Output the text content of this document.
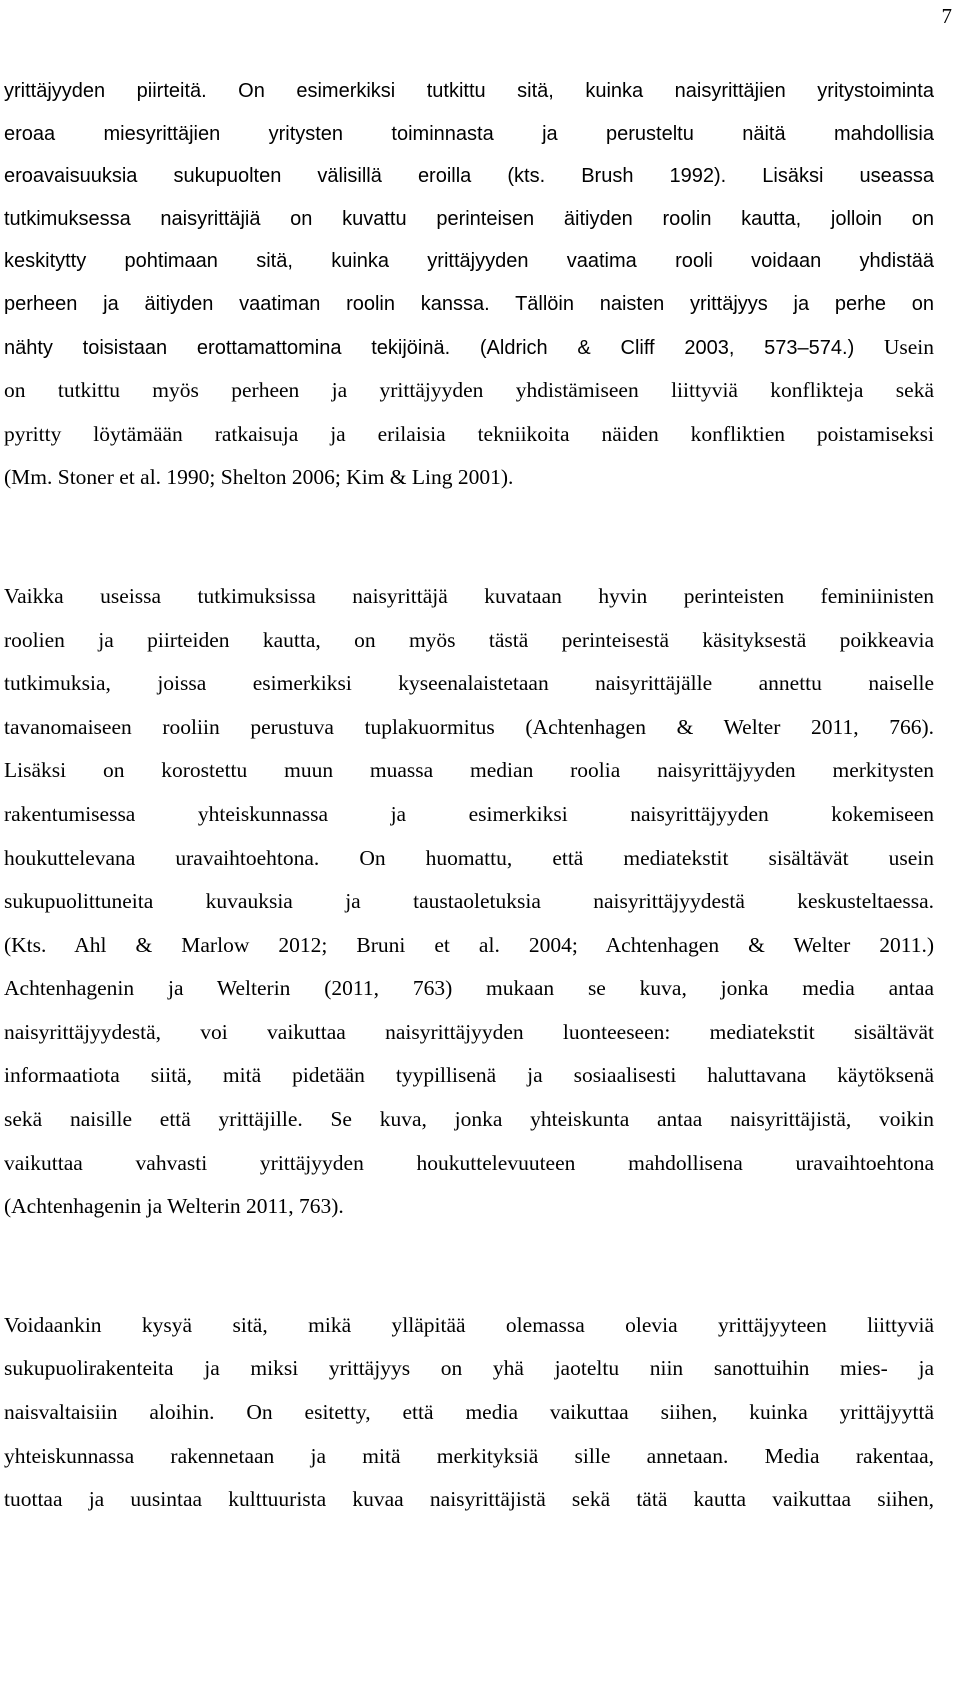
7

yrittäjyyden piirteitä. On esimerkiksi tutkittu sitä, kuinka naisyrittäjien yritystoiminta
eroaa miesyrittäjien yritysten toiminnasta ja perusteltu näitä mahdollisia
eroavaisuuksia sukupuolten välisillä eroilla (kts. Brush 1992). Lisäksi useassa
tutkimuksessa naisyrittäjiä on kuvattu perinteisen äitiyden roolin kautta, jolloin on
keskitytty pohtimaan sitä, kuinka yrittäjyyden vaatima rooli voidaan yhdistää
perheen ja äitiyden vaatiman roolin kanssa. Tällöin naisten yrittäjyys ja perhe on
nähty toisistaan erottamattomina tekijöinä. (Aldrich & Cliff 2003, 573–574.) Usein
on tutkittu myös perheen ja yrittäjyyden yhdistämiseen liittyviä konflikteja sekä
pyritty löytämään ratkaisuja ja erilaisia tekniikoita näiden konfliktien poistamiseksi
(Mm. Stoner et al. 1990; Shelton 2006; Kim & Ling 2001).

Vaikka useissa tutkimuksissa naisyrittäjä kuvataan hyvin perinteisten feminiinisten
roolien ja piirteiden kautta, on myös tästä perinteisestä käsityksestä poikkeavia
tutkimuksia, joissa esimerkiksi kyseenalaistetaan naisyrittäjälle annettu naiselle
tavanomaiseen rooliin perustuva tuplakuormitus (Achtenhagen & Welter 2011, 766).
Lisäksi on korostettu muun muassa median roolia naisyrittäjyyden merkitysten
rakentumisessa yhteiskunnassa ja esimerkiksi naisyrittäjyyden kokemiseen
houkuttelevana uravaihtoehtona. On huomattu, että mediatekstit sisältävät usein
sukupuolittuneita kuvauksia ja taustaoletuksia naisyrittäjyydestä keskusteltaessa.
(Kts. Ahl & Marlow 2012; Bruni et al. 2004; Achtenhagen & Welter 2011.)
Achtenhagenin ja Welterin (2011, 763) mukaan se kuva, jonka media antaa
naisyrittäjyydestä, voi vaikuttaa naisyrittäjyyden luonteeseen: mediatekstit sisältävät
informaatiota siitä, mitä pidetään tyypillisenä ja sosiaalisesti haluttavana käytöksenä
sekä naisille että yrittäjille. Se kuva, jonka yhteiskunta antaa naisyrittäjistä, voikin
vaikuttaa vahvasti yrittäjyyden houkuttelevuuteen mahdollisena uravaihtoehtona
(Achtenhagenin ja Welterin 2011, 763).

Voidaankin kysyä sitä, mikä ylläpitää olemassa olevia yrittäjyyteen liittyviä
sukupuolirakenteita ja miksi yrittäjyys on yhä jaoteltu niin sanottuihin mies- ja
naisvaltaisiin aloihin. On esitetty, että media vaikuttaa siihen, kuinka yrittäjyyttä
yhteiskunnassa rakennetaan ja mitä merkityksiä sille annetaan. Media rakentaa,
tuottaa ja uusintaa kulttuurista kuvaa naisyrittäjistä sekä tätä kautta vaikuttaa siihen,
